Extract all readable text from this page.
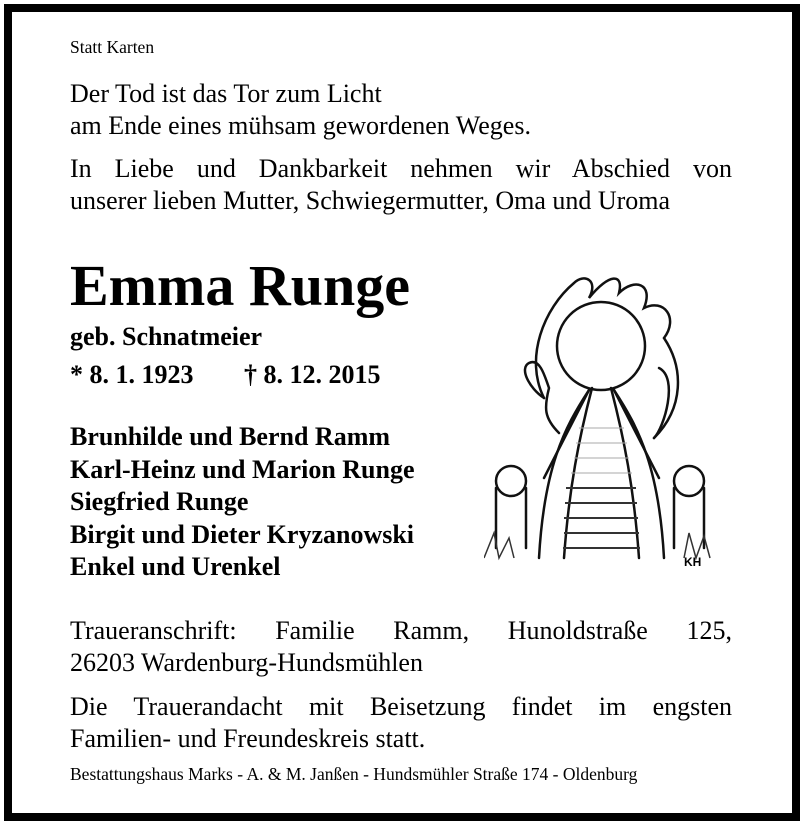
Statt Karten
Der Tod ist das Tor zum Licht
am Ende eines mühsam gewordenen Weges.
In Liebe und Dankbarkeit nehmen wir Abschied von
unserer lieben Mutter, Schwiegermutter, Oma und Uroma
Emma Runge
geb. Schnatmeier
* 8. 1. 1923 † 8. 12. 2015
Brunhilde und Bernd Ramm
Karl-Heinz und Marion Runge
Siegfried Runge
Birgit und Dieter Kryzanowski
Enkel und Urenkel	KH
Traueranschrift: Familie Ramm, Hunoldstraße 125,
26203 Wardenburg-Hundsmühlen
Die Trauerandacht mit Beisetzung findet im engsten
Familien- und Freundeskreis statt.
Bestattungshaus Marks - A. & M. Janßen - Hundsmühler Straße 174 - Oldenburg
